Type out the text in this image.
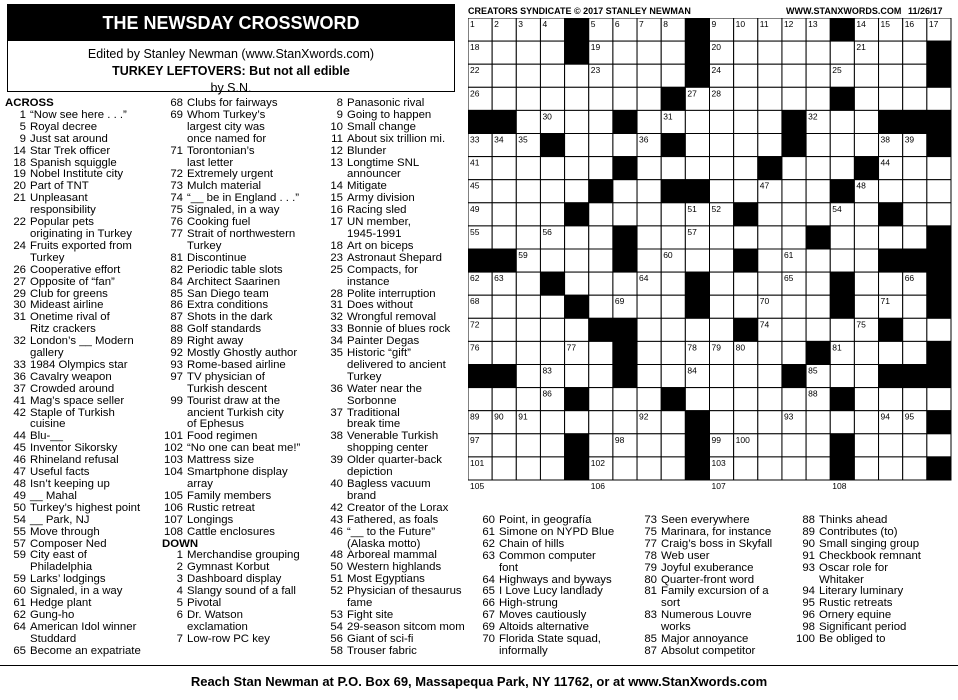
THE NEWSDAY CROSSWORD
Edited by Stanley Newman (www.StanXwords.com)
TURKEY LEFTOVERS: But not all edible
by S.N.
CREATORS SYNDICATE © 2017 STANLEY NEWMAN	WWW.STANXWORDS.COM 11/26/17
1 2 3 4	5 6 7 8	9 10 11 12 13	14 15 16 17
18	19	20	21
22	23	24	25
26	27 28	29
30	31	32
33 34 35	36	37	38 39 40
41	42	43	44
45	46	47	48
49	50	51 52 53	54
55	56	57	58
59	60	61
62 63	64	65	66 67
68	69	70	71
72	73	74	75
76	77	78 79 80	81
82	83	84	85
86	87	88
89 90 91	92	93	94 95 96
97	98	99 100
101	102	103	104
105	106	107	108
ACROSS
1 “Now see here . . .”
5 Royal decree
9 Just sat around
14 Star Trek officer
18 Spanish squiggle
19 Nobel Institute city
20 Part of TNT
21 Unpleasant
responsibility
22 Popular pets
originating in Turkey
24 Fruits exported from
Turkey
26 Cooperative effort
27 Opposite of “fan”
29 Club for greens
30 Mideast airline
31 Onetime rival of
Ritz crackers
32 London’s __ Modern
gallery
33 1984 Olympics star
36 Cavalry weapon
37 Crowded around
41 Mag’s space seller
42 Staple of Turkish
cuisine
44 Blu-__
45 Inventor Sikorsky
46 Rhineland refusal
47 Useful facts
48 Isn’t keeping up
49 __ Mahal
50 Turkey’s highest point
54 __ Park, NJ
55 Move through
57 Composer Ned
59 City east of
Philadelphia
59 Larks’ lodgings
60 Signaled, in a way
61 Hedge plant
62 Gung-ho
64 American Idol winner
Studdard
65 Become an expatriate
68 Clubs for fairways
69 Whom Turkey’s
largest city was
once named for
71 Torontonian’s
last letter
72 Extremely urgent
73 Mulch material
74 “__ be in England . . .”
75 Signaled, in a way
76 Cooking fuel
77 Strait of northwestern
Turkey
81 Discontinue
82 Periodic table slots
84 Architect Saarinen
85 San Diego team
86 Extra conditions
87 Shots in the dark
88 Golf standards
89 Right away
92 Mostly Ghostly author
93 Rome-based airline
97 TV physician of
Turkish descent
99 Tourist draw at the
ancient Turkish city
of Ephesus
101 Food regimen
102 “No one can beat me!”
103 Mattress size
104 Smartphone display
array
105 Family members
106 Rustic retreat
107 Longings
108 Cattle enclosures
DOWN
1 Merchandise grouping
2 Gymnast Korbut
3 Dashboard display
4 Slangy sound of a fall
5 Pivotal
6 Dr. Watson
exclamation
7 Low-row PC key
8 Panasonic rival
9 Going to happen
10 Small change
11 About six trillion mi.
12 Blunder
13 Longtime SNL
announcer
14 Mitigate
15 Army division
16 Racing sled
17 UN member,
1945-1991
18 Art on biceps
23 Astronaut Shepard
25 Compacts, for
instance
28 Polite interruption
31 Does without
32 Wrongful removal
33 Bonnie of blues rock
34 Painter Degas
35 Historic “gift”
delivered to ancient
Turkey
36 Water near the
Sorbonne
37 Traditional
break time
38 Venerable Turkish
shopping center
39 Older quarter-back
depiction
40 Bagless vacuum
brand
42 Creator of the Lorax
43 Fathered, as foals
46 “__ to the Future”
(Alaska motto)
48 Arboreal mammal
50 Western highlands
51 Most Egyptians
52 Physician of thesaurus
fame
53 Fight site
54 29-season sitcom mom
56 Giant of sci-fi
58 Trouser fabric
60 Point, in geografía
61 Simone on NYPD Blue
62 Chain of hills
63 Common computer
font
64 Highways and byways
65 I Love Lucy landlady
66 High-strung
67 Moves cautiously
69 Altoids alternative
70 Florida State squad,
informally
73 Seen everywhere
75 Marinara, for instance
77 Craig’s boss in Skyfall
78 Web user
79 Joyful exuberance
80 Quarter-front word
81 Family excursion of a
sort
83 Numerous Louvre
works
85 Major annoyance
87 Absolut competitor
88 Thinks ahead
89 Contributes (to)
90 Small singing group
91 Checkbook remnant
93 Oscar role for
Whitaker
94 Literary luminary
95 Rustic retreats
96 Ornery equine
98 Significant period
100 Be obliged to
Reach Stan Newman at P.O. Box 69, Massapequa Park, NY 11762, or at www.StanXwords.com
